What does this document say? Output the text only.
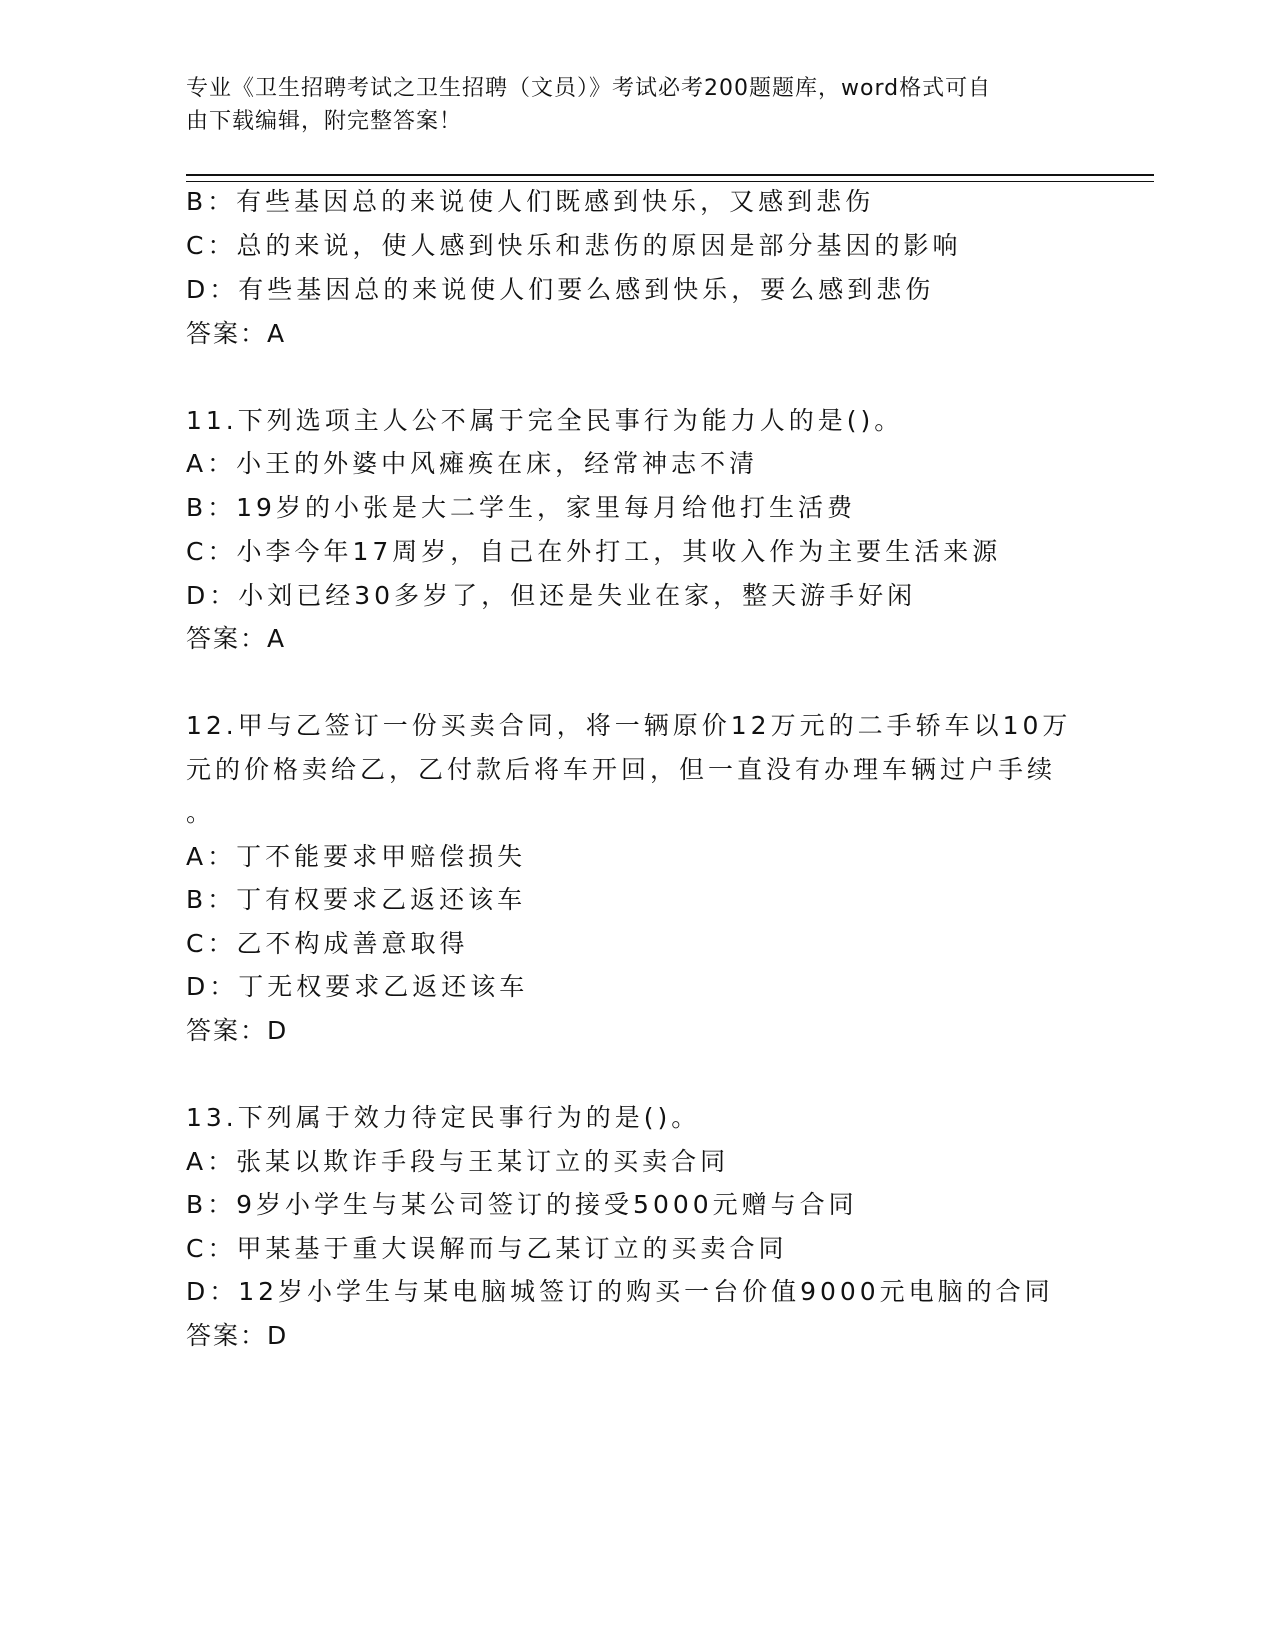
专业《卫生招聘考试之卫生招聘（文员）》考试必考200题题库，word格式可自
由下载编辑，附完整答案！
B：有些基因总的来说使人们既感到快乐，又感到悲伤
C：总的来说，使人感到快乐和悲伤的原因是部分基因的影响
D：有些基因总的来说使人们要么感到快乐，要么感到悲伤
答案：A
11.下列选项主人公不属于完全民事行为能力人的是()。
A：小王的外婆中风瘫痪在床，经常神志不清
B：19岁的小张是大二学生，家里每月给他打生活费
C：小李今年17周岁，自己在外打工，其收入作为主要生活来源
D：小刘已经30多岁了，但还是失业在家，整天游手好闲
答案：A
12.甲与乙签订一份买卖合同，将一辆原价12万元的二手轿车以10万
元的价格卖给乙，乙付款后将车开回，但一直没有办理车辆过户手续
。
A：丁不能要求甲赔偿损失
B：丁有权要求乙返还该车
C：乙不构成善意取得
D：丁无权要求乙返还该车
答案：D
13.下列属于效力待定民事行为的是()。
A：张某以欺诈手段与王某订立的买卖合同
B：9岁小学生与某公司签订的接受5000元赠与合同
C：甲某基于重大误解而与乙某订立的买卖合同
D：12岁小学生与某电脑城签订的购买一台价值9000元电脑的合同
答案：D
